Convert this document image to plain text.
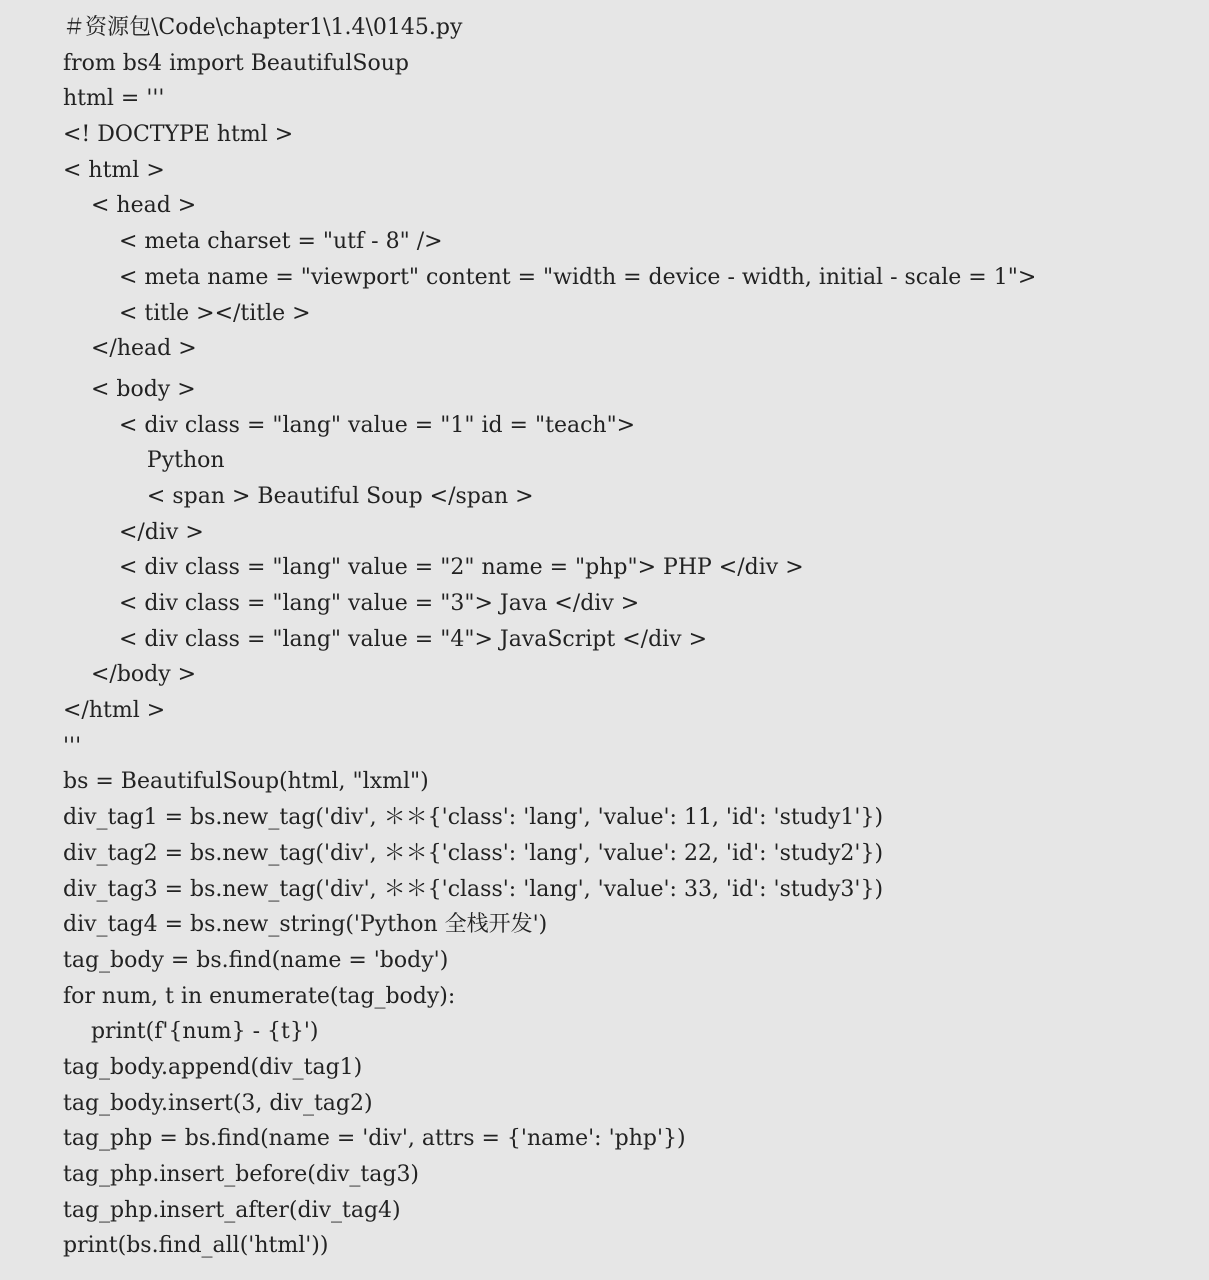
＃资源包\Code\chapter1\1.4\0145.py
from bs4 import BeautifulSoup
html = '''
<! DOCTYPE html >
< html >
< head >
< meta charset = "utf - 8" />
< meta name = "viewport" content = "width = device - width, initial - scale = 1">
< title ></title >
</head >
< body >
< div class = "lang" value = "1" id = "teach">
Python
< span > Beautiful Soup </span >
</div >
< div class = "lang" value = "2" name = "php"> PHP </div >
< div class = "lang" value = "3"> Java </div >
< div class = "lang" value = "4"> JavaScript </div >
</body >
</html >
'''
bs = BeautifulSoup(html, "lxml")
div_tag1 = bs.new_tag('div', ＊＊{'class': 'lang', 'value': 11, 'id': 'study1'})
div_tag2 = bs.new_tag('div', ＊＊{'class': 'lang', 'value': 22, 'id': 'study2'})
div_tag3 = bs.new_tag('div', ＊＊{'class': 'lang', 'value': 33, 'id': 'study3'})
div_tag4 = bs.new_string('Python 全栈开发')
tag_body = bs.find(name = 'body')
for num, t in enumerate(tag_body):
print(f'{num} - {t}')
tag_body.append(div_tag1)
tag_body.insert(3, div_tag2)
tag_php = bs.find(name = 'div', attrs = {'name': 'php'})
tag_php.insert_before(div_tag3)
tag_php.insert_after(div_tag4)
print(bs.find_all('html'))
